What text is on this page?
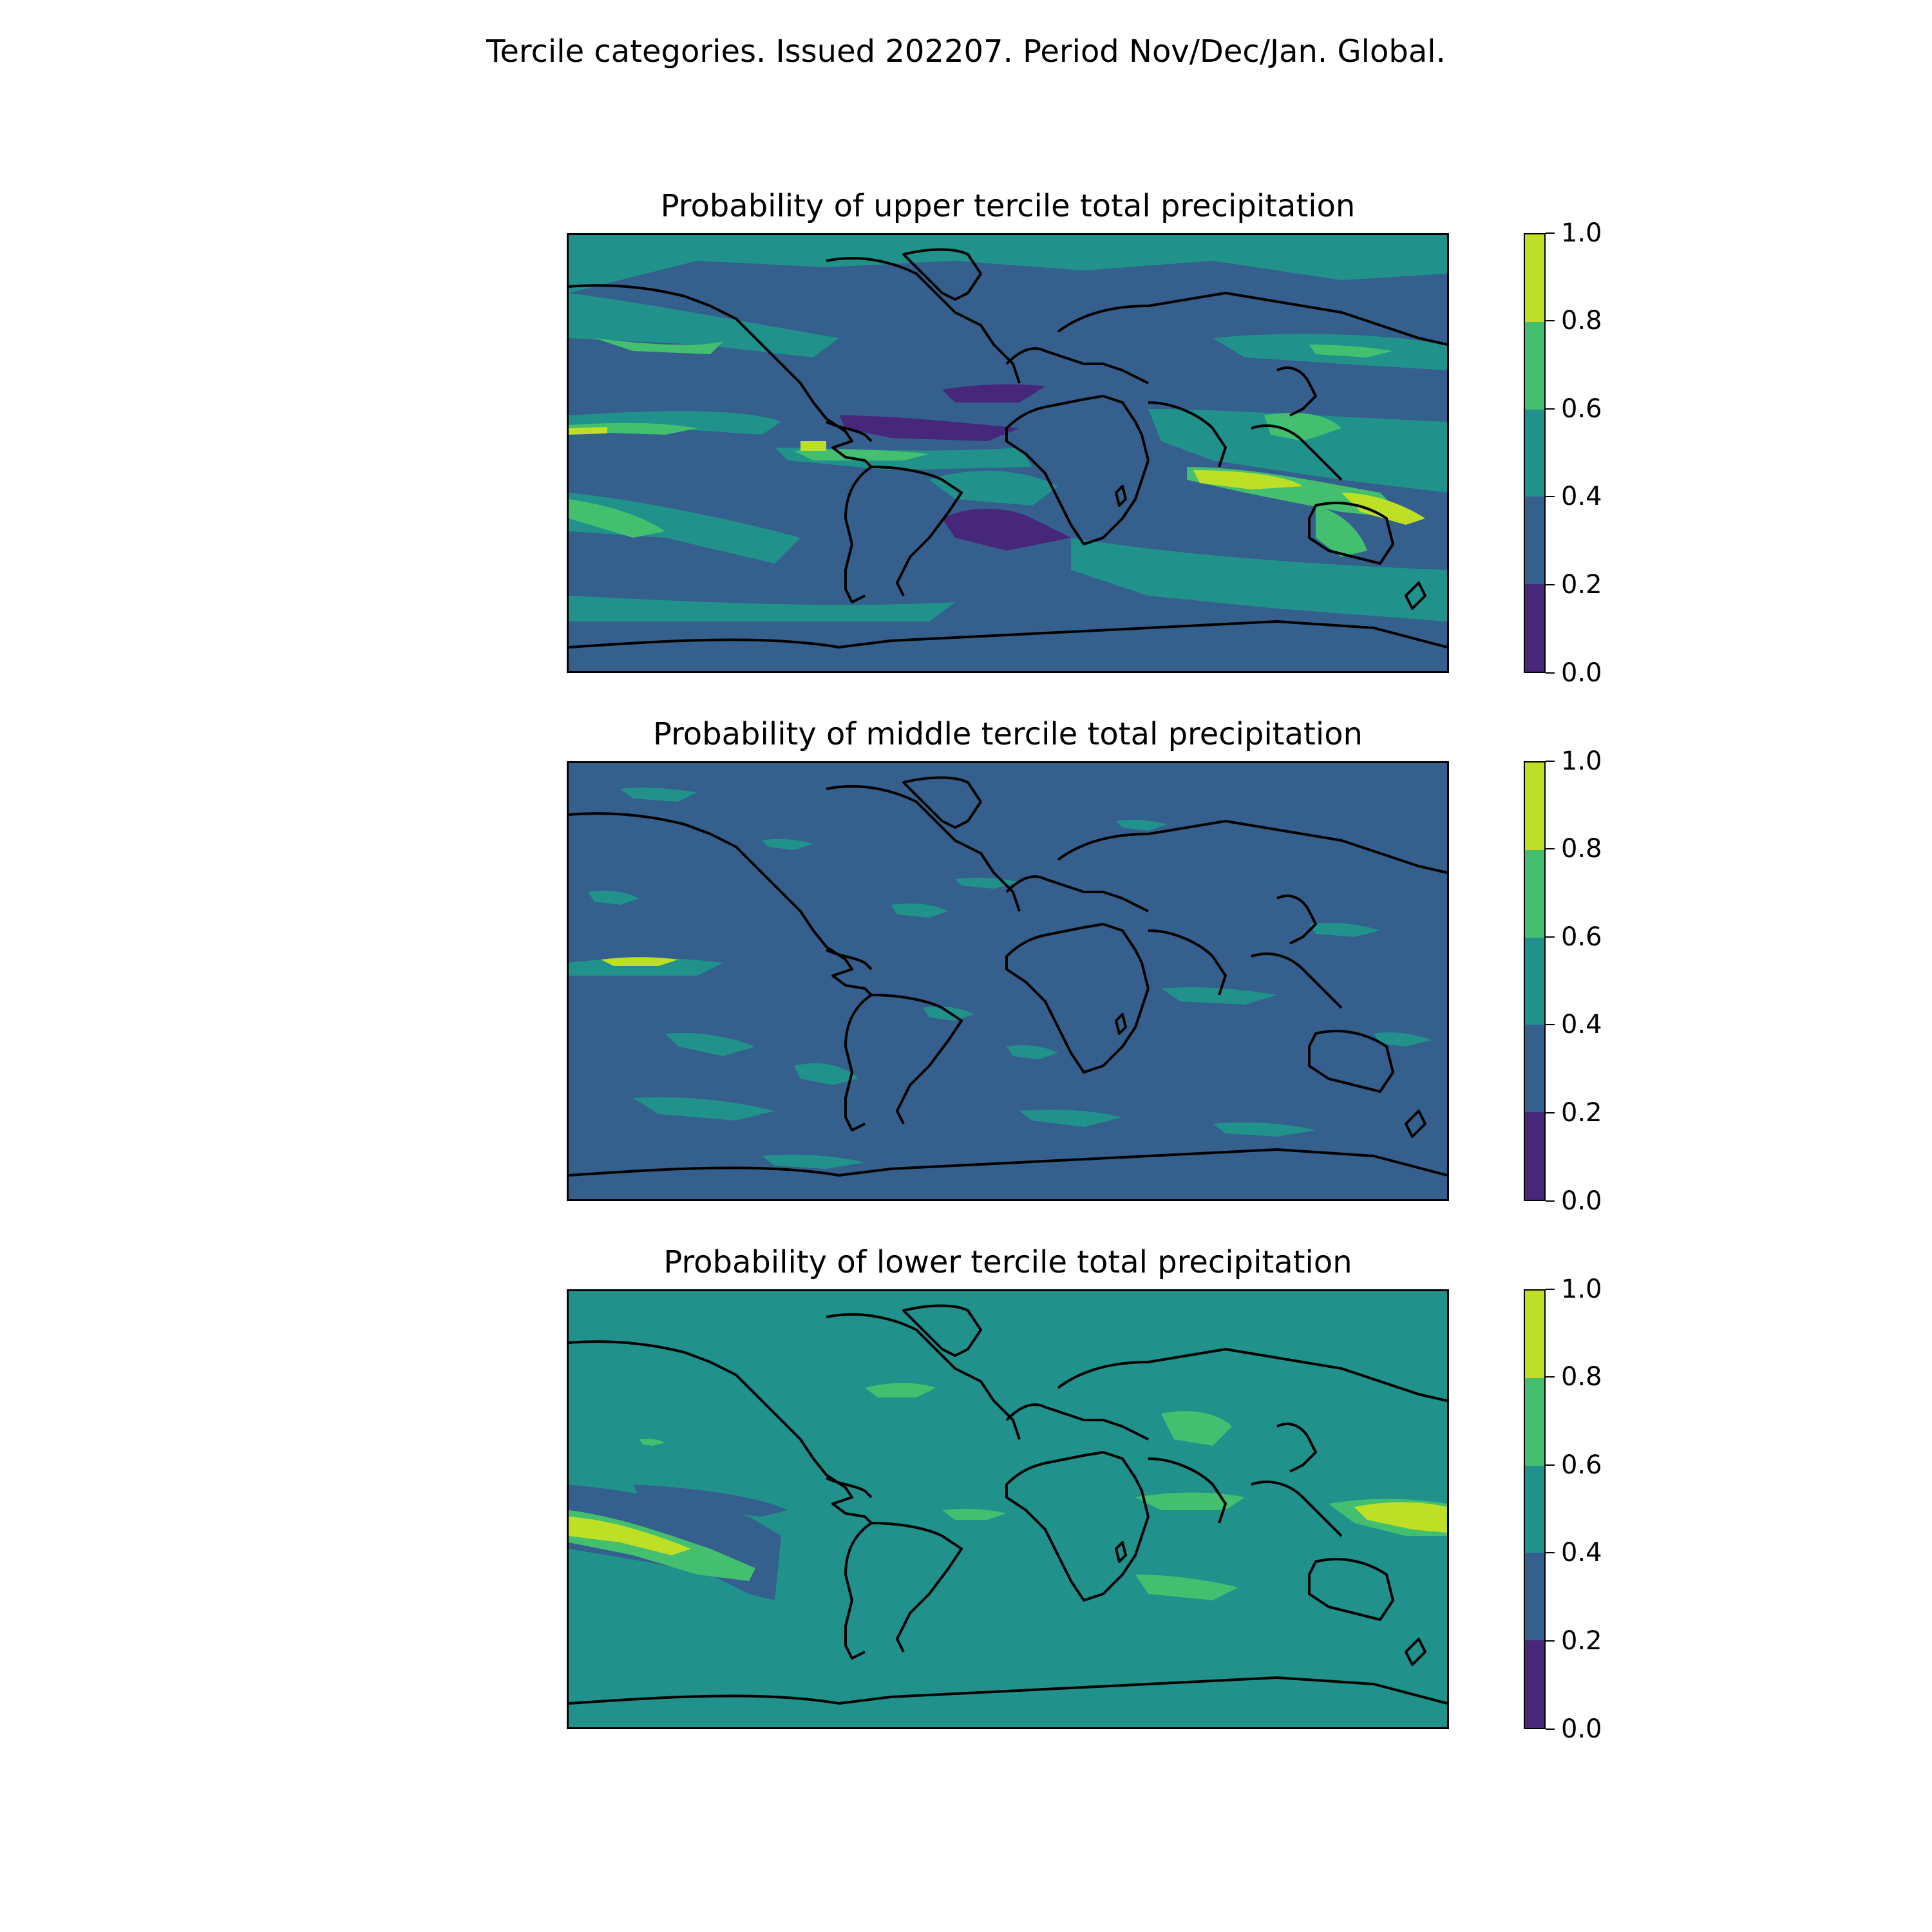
Tercile categories. Issued 202207. Period Nov/Dec/Jan. Global.
Probability of upper tercile total precipitation
Probability of middle tercile total precipitation
Probability of lower tercile total precipitation
1.0
0.8
0.6
0.4
0.2
0.0
1.0
0.8
0.6
0.4
0.2
0.0
1.0
0.8
0.6
0.4
0.2
0.0
